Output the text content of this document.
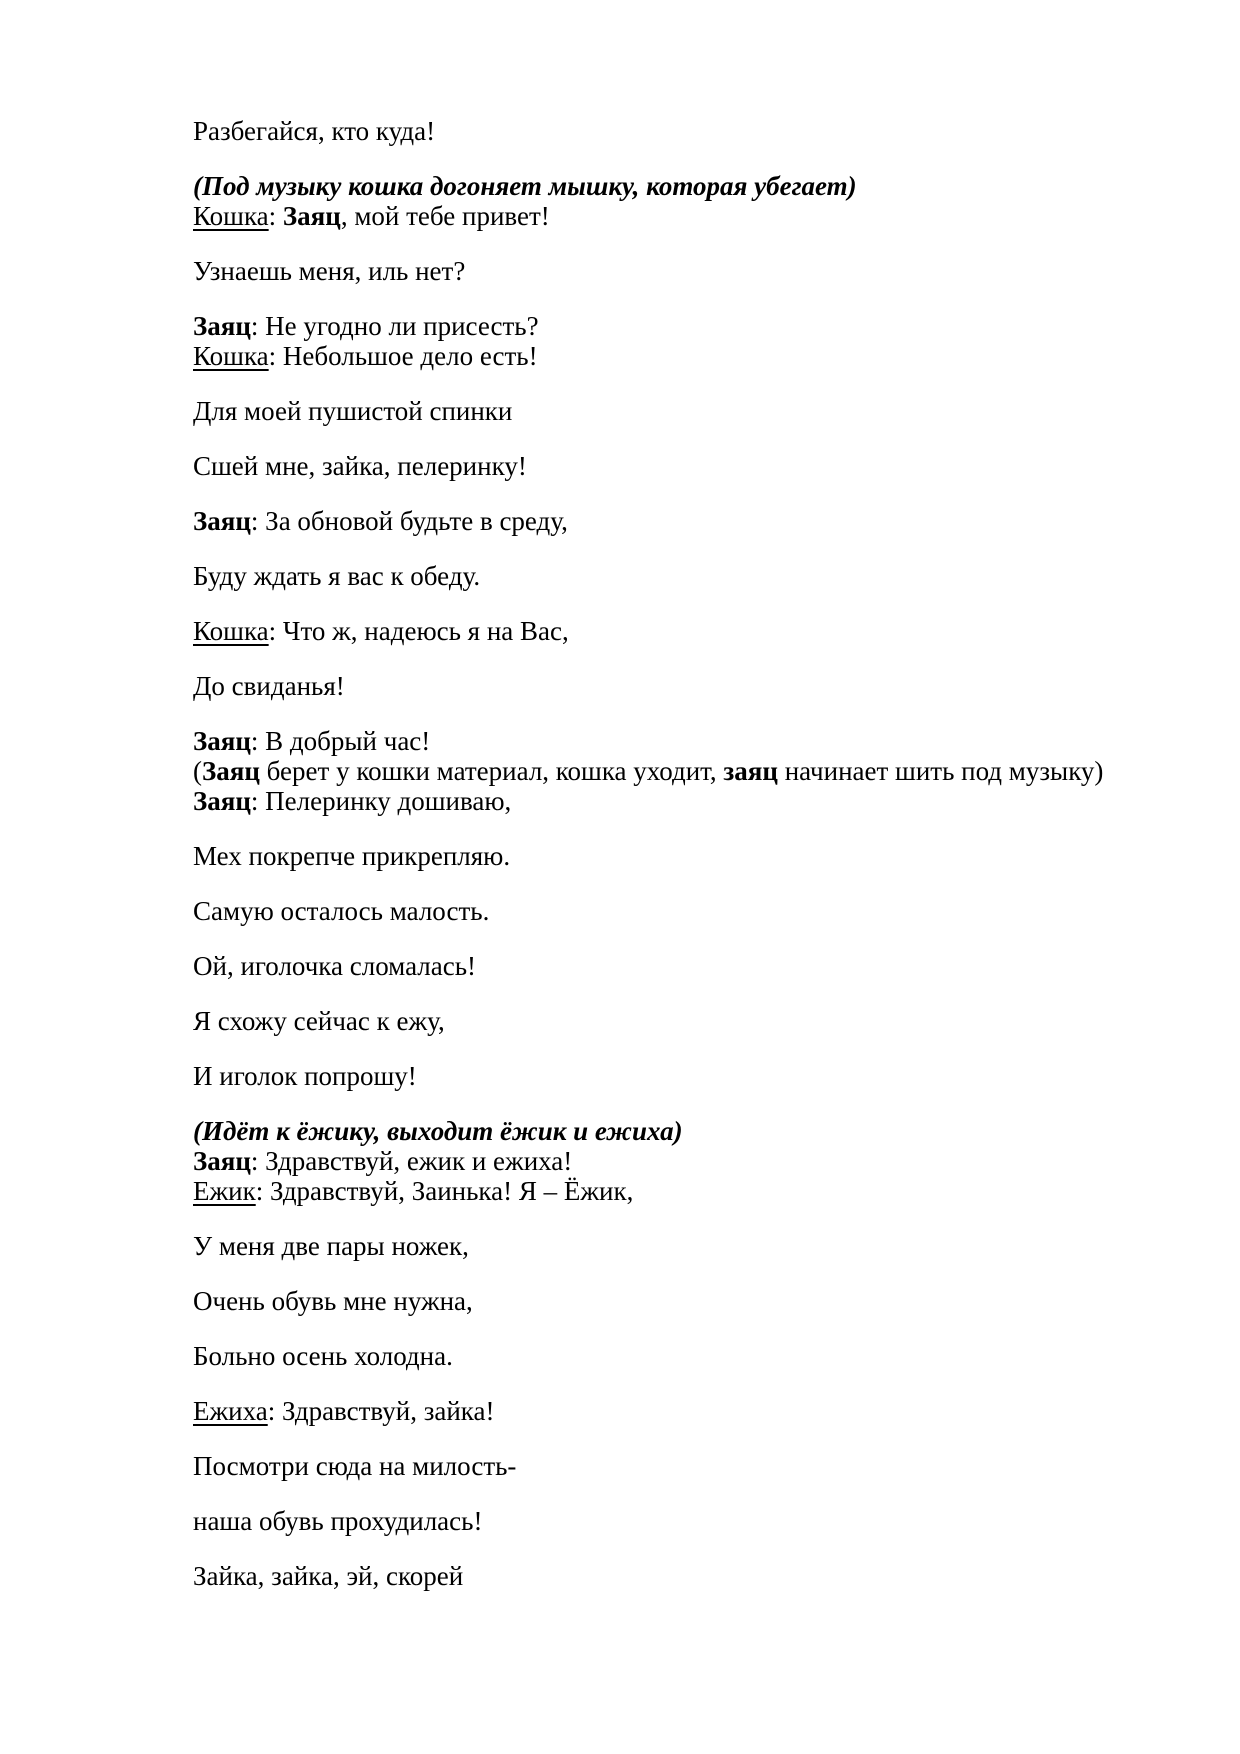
Разбегайся, кто куда!
(Под музыку кошка догоняет мышку, которая убегает)
Кошка: Заяц, мой тебе привет!
Узнаешь меня, иль нет?
Заяц: Не угодно ли присесть?
Кошка: Небольшое дело есть!
Для моей пушистой спинки
Сшей мне, зайка, пелеринку!
Заяц: За обновой будьте в среду,
Буду ждать я вас к обеду.
Кошка: Что ж, надеюсь я на Вас,
До свиданья!
Заяц: В добрый час!
(Заяц берет у кошки материал, кошка уходит, заяц начинает шить под музыку)
Заяц: Пелеринку дошиваю,
Мех покрепче прикрепляю.
Самую осталось малость.
Ой, иголочка сломалась!
Я схожу сейчас к ежу,
И иголок попрошу!
(Идёт к ёжику, выходит ёжик и ежиха)
Заяц: Здравствуй, ежик и ежиха!
Ежик: Здравствуй, Заинька! Я – Ёжик,
У меня две пары ножек,
Очень обувь мне нужна,
Больно осень холодна.
Ежиха: Здравствуй, зайка!
Посмотри сюда на милость-
наша обувь прохудилась!
Зайка, зайка, эй, скорей
